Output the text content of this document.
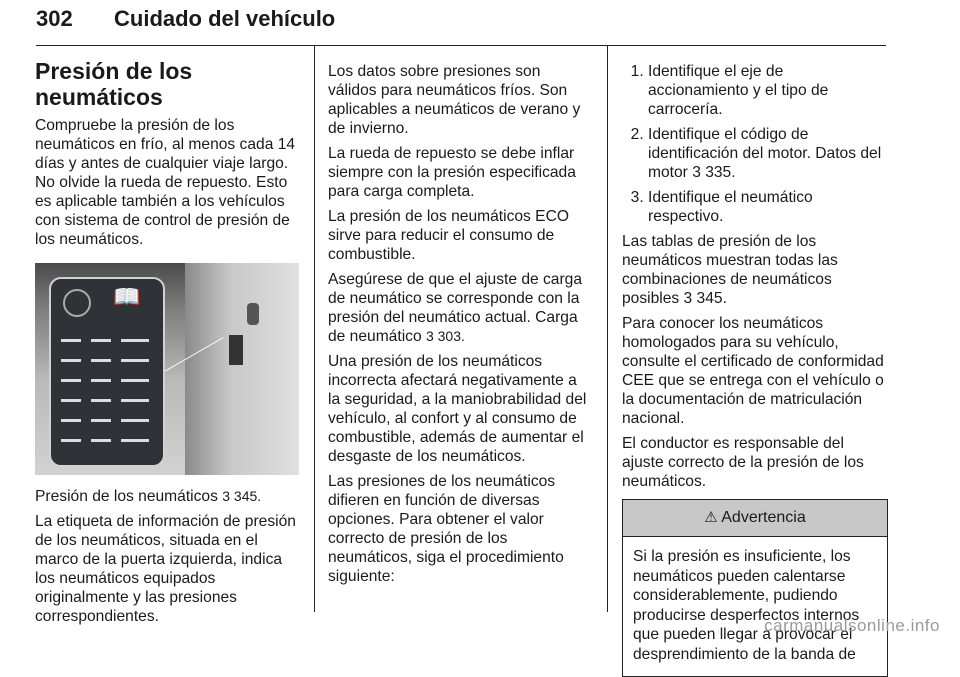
302 Cuidado del vehículo
Presión de los neumáticos

Compruebe la presión de los neumáticos en frío, al menos cada 14 días y antes de cualquier viaje largo. No olvide la rueda de repuesto. Esto es aplicable también a los vehículos con sistema de control de presión de los neumáticos.

📖

Presión de los neumáticos 3 345.

La etiqueta de información de presión de los neumáticos, situada en el marco de la puerta izquierda, indica los neumáticos equipados originalmente y las presiones correspondientes.

Los datos sobre presiones son válidos para neumáticos fríos. Son aplicables a neumáticos de verano y de invierno.

La rueda de repuesto se debe inflar siempre con la presión especificada para carga completa.

La presión de los neumáticos ECO sirve para reducir el consumo de combustible.

Asegúrese de que el ajuste de carga de neumático se corresponde con la presión del neumático actual. Carga de neumático 3 303.

Una presión de los neumáticos incorrecta afectará negativamente a la seguridad, a la maniobrabilidad del vehículo, al confort y al consumo de combustible, además de aumentar el desgaste de los neumáticos.

Las presiones de los neumáticos difieren en función de diversas opciones. Para obtener el valor correcto de presión de los neumáticos, siga el procedimiento siguiente:

1. Identifique el eje de accionamiento y el tipo de carrocería.
2. Identifique el código de identificación del motor. Datos del motor 3 335.
3. Identifique el neumático respectivo.

Las tablas de presión de los neumáticos muestran todas las combinaciones de neumáticos posibles 3 345.

Para conocer los neumáticos homologados para su vehículo, consulte el certificado de conformidad CEE que se entrega con el vehículo o la documentación de matriculación nacional.

El conductor es responsable del ajuste correcto de la presión de los neumáticos.

⚠ Advertencia
Si la presión es insuficiente, los neumáticos pueden calentarse considerablemente, pudiendo producirse desperfectos internos que pueden llegar a provocar el desprendimiento de la banda de
carmanualsonline.info
